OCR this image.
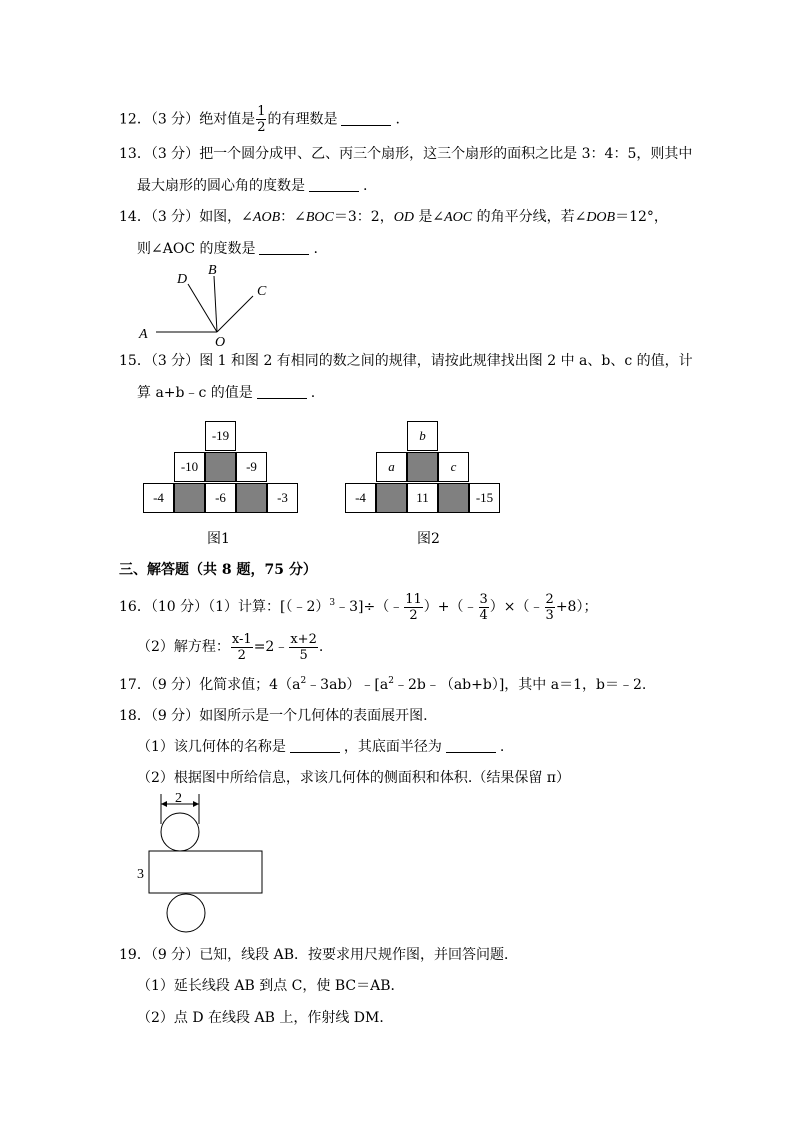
12．（3 分）绝对值是 $\frac{1}{2}$ 的有理数是	.
13．（3 分）把一个圆分成甲、乙、丙三个扇形，这三个扇形的面积之比是 3：4：5，则其中
最大扇形的圆心角的度数是	.
14．（3 分）如图，∠AOB：∠BOC＝3：2，OD 是∠AOC 的角平分线，若∠DOB＝12°，
则∠AOC 的度数是	.
A
O
D
B
C
15．（3 分）图 1 和图 2 有相同的数之间的规律，请按此规律找出图 2 中 a、b、c 的值，计
算 a+b﹣c 的值是	.
-19
-10	-9
-4	-6	-3
图1
b
a	c
-4	11	-15
图2
三、解答题（共 8 题，75 分）
16．（10 分）（1）计算：[（﹣2）$^3$﹣3]÷（﹣ $\frac{11}{2}$ ）+（﹣ $\frac{3}{4}$ ）×（﹣ $\frac{2}{3} +8$）；
（2）解方程： $\frac{x-1}{2}$ =2﹣ $\frac{x+2}{5}$ .
17．（9 分）化简求值；$4(a^2﹣3ab)﹣[a^2﹣2b﹣(ab+b)]$，其中 a＝1，b＝﹣2.
18．（9 分）如图所示是一个几何体的表面展开图.
（1）该几何体的名称是	，其底面半径为	.
（2）根据图中所给信息，求该几何体的侧面积和体积.（结果保留 π）
2
3
19．（9 分）已知，线段 AB．按要求用尺规作图，并回答问题．
（1）延长线段 AB 到点 C，使 BC＝AB．
（2）点 D 在线段 AB 上，作射线 DM．
